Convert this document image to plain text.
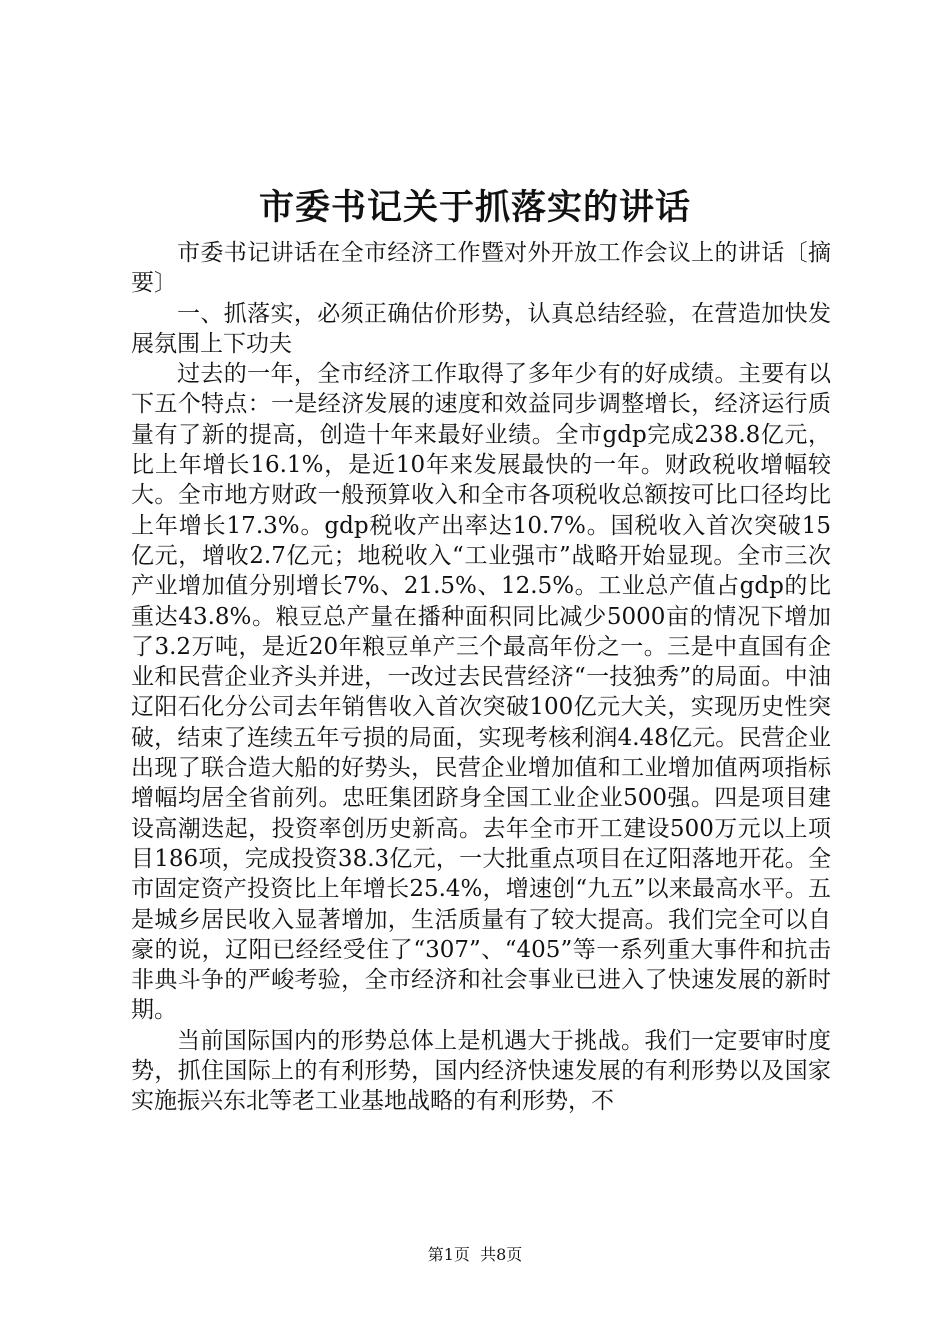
市委书记关于抓落实的讲话

市委书记讲话在全市经济工作暨对外开放工作会议上的讲话〔摘要〕

一、抓落实，必须正确估价形势，认真总结经验，在营造加快发展氛围上下功夫

过去的一年，全市经济工作取得了多年少有的好成绩。主要有以下五个特点：一是经济发展的速度和效益同步调整增长，经济运行质量有了新的提高，创造十年来最好业绩。全市gdp完成238.8亿元，比上年增长16.1%，是近10年来发展最快的一年。财政税收增幅较大。全市地方财政一般预算收入和全市各项税收总额按可比口径均比上年增长17.3%。gdp税收产出率达10.7%。国税收入首次突破15亿元，增收2.7亿元；地税收入“工业强市”战略开始显现。全市三次产业增加值分别增长7%、21.5%、12.5%。工业总产值占gdp的比重达43.8%。粮豆总产量在播种面积同比减少5000亩的情况下增加了3.2万吨，是近20年粮豆单产三个最高年份之一。三是中直国有企业和民营企业齐头并进，一改过去民营经济“一技独秀”的局面。中油辽阳石化分公司去年销售收入首次突破100亿元大关，实现历史性突破，结束了连续五年亏损的局面，实现考核利润4.48亿元。民营企业出现了联合造大船的好势头，民营企业增加值和工业增加值两项指标增幅均居全省前列。忠旺集团跻身全国工业企业500强。四是项目建设高潮迭起，投资率创历史新高。去年全市开工建设500万元以上项目186项，完成投资38.3亿元，一大批重点项目在辽阳落地开花。全市固定资产投资比上年增长25.4%，增速创“九五”以来最高水平。五是城乡居民收入显著增加，生活质量有了较大提高。我们完全可以自豪的说，辽阳已经经受住了“307”、“405”等一系列重大事件和抗击非典斗争的严峻考验，全市经济和社会事业已进入了快速发展的新时期。

当前国际国内的形势总体上是机遇大于挑战。我们一定要审时度势，抓住国际上的有利形势，国内经济快速发展的有利形势以及国家实施振兴东北等老工业基地战略的有利形势，不

第1页  共8页
